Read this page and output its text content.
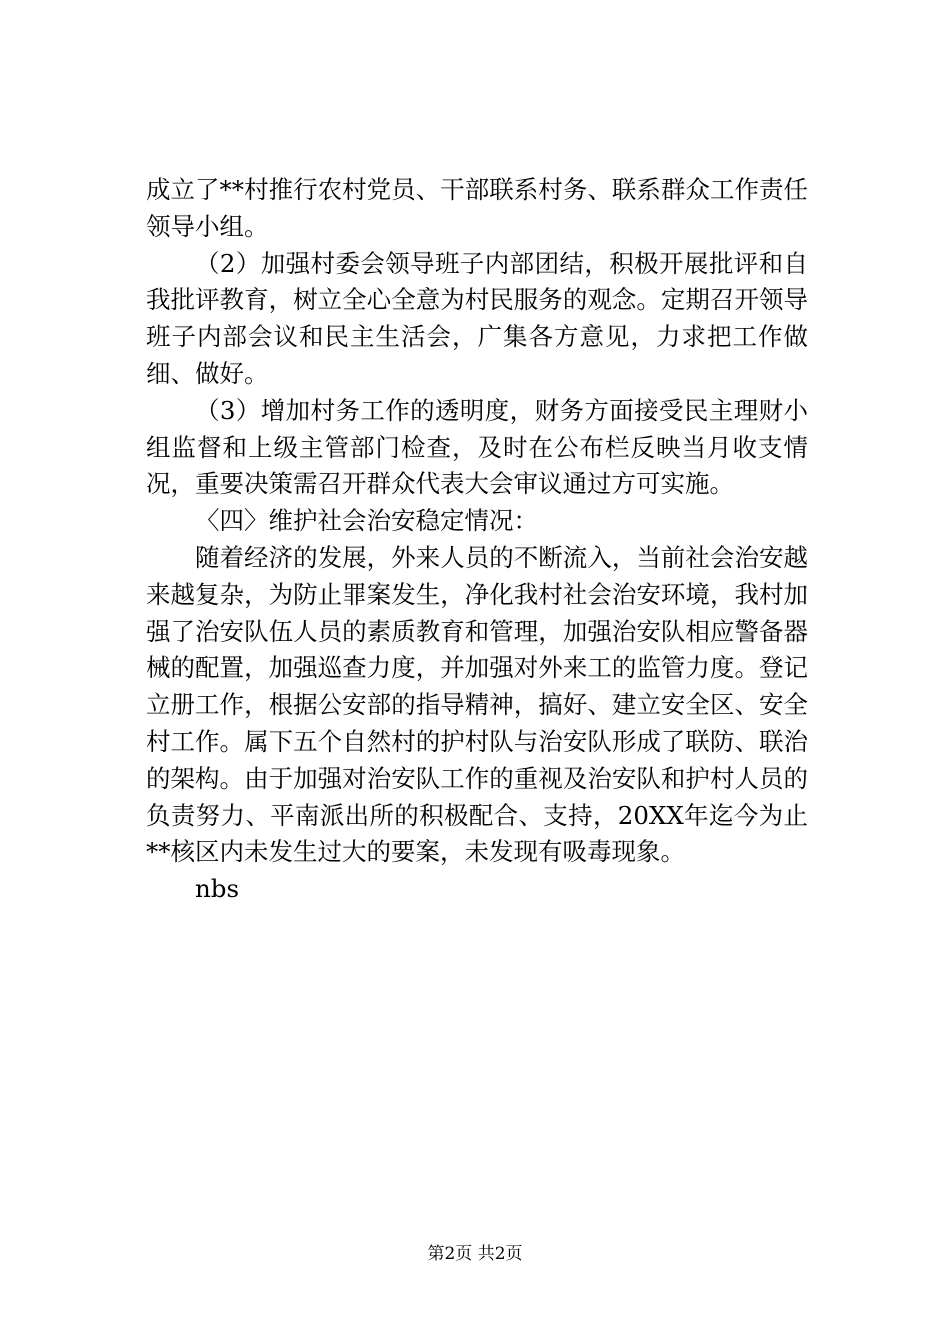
成立了**村推行农村党员、干部联系村务、联系群众工作责任领导小组。

（2）加强村委会领导班子内部团结，积极开展批评和自我批评教育，树立全心全意为村民服务的观念。定期召开领导班子内部会议和民主生活会，广集各方意见，力求把工作做细、做好。

（3）增加村务工作的透明度，财务方面接受民主理财小组监督和上级主管部门检查，及时在公布栏反映当月收支情况，重要决策需召开群众代表大会审议通过方可实施。

〈四〉维护社会治安稳定情况：

随着经济的发展，外来人员的不断流入，当前社会治安越来越复杂，为防止罪案发生，净化我村社会治安环境，我村加强了治安队伍人员的素质教育和管理，加强治安队相应警备器械的配置，加强巡查力度，并加强对外来工的监管力度。登记立册工作，根据公安部的指导精神，搞好、建立安全区、安全村工作。属下五个自然村的护村队与治安队形成了联防、联治的架构。由于加强对治安队工作的重视及治安队和护村人员的负责努力、平南派出所的积极配合、支持，20XX年迄今为止**核区内未发生过大的要案，未发现有吸毒现象。

nbs

第2页 共2页
